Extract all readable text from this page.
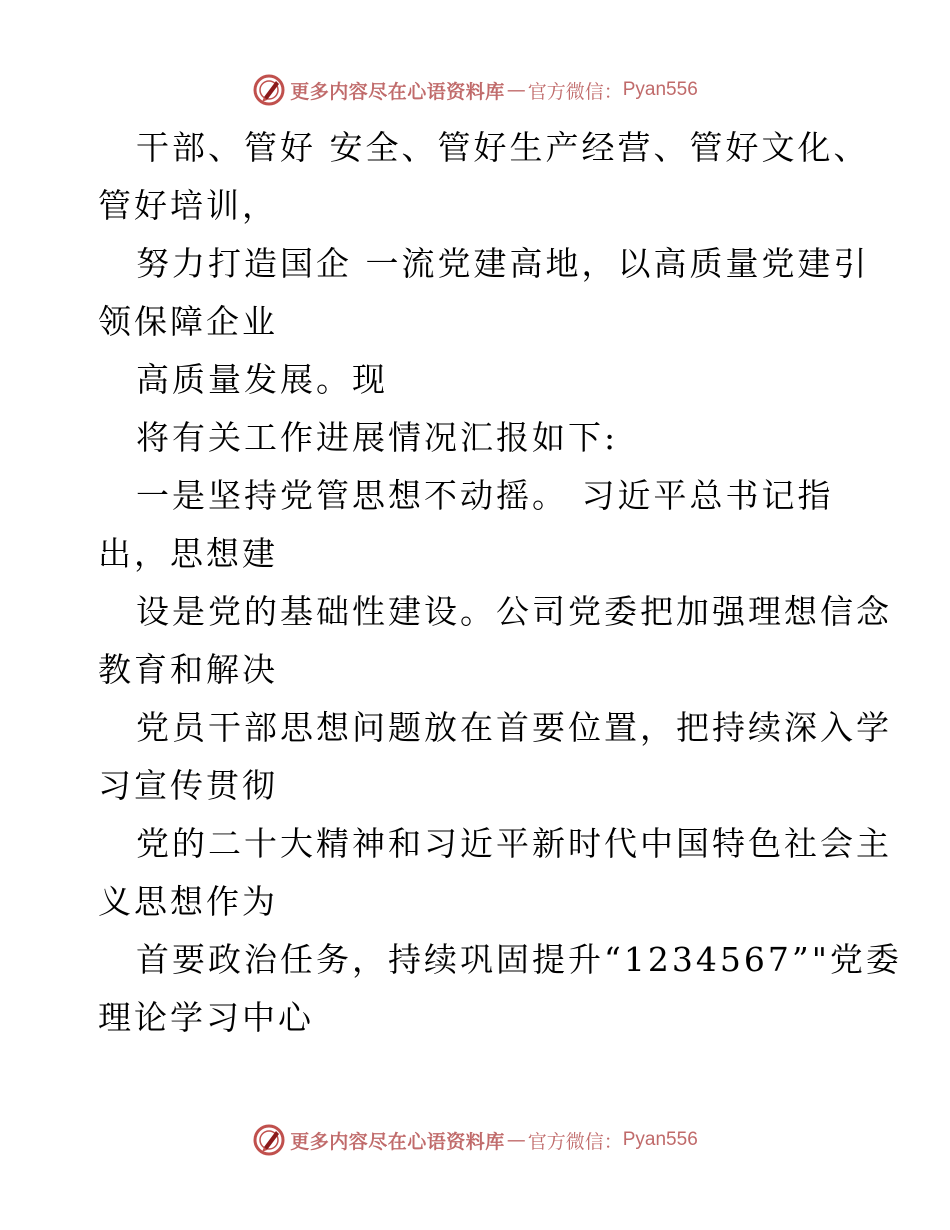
更多内容尽在心语资料库 — 官方微信： Pyan556
干部、管好 安全、管好生产经营、管好文化、
管好培训，
努力打造国企 一流党建高地，以高质量党建引
领保障企业
高质量发展。现
将有关工作进展情况汇报如下:
一是坚持党管思想不动摇。 习近平总书记指
出，思想建
设是党的基础性建设。公司党委把加强理想信念
教育和解决
党员干部思想问题放在首要位置，把持续深入学
习宣传贯彻
党的二十大精神和习近平新时代中国特色社会主
义思想作为
首要政治任务，持续巩固提升“1234567”"党委
理论学习中心
更多内容尽在心语资料库 — 官方微信： Pyan556
